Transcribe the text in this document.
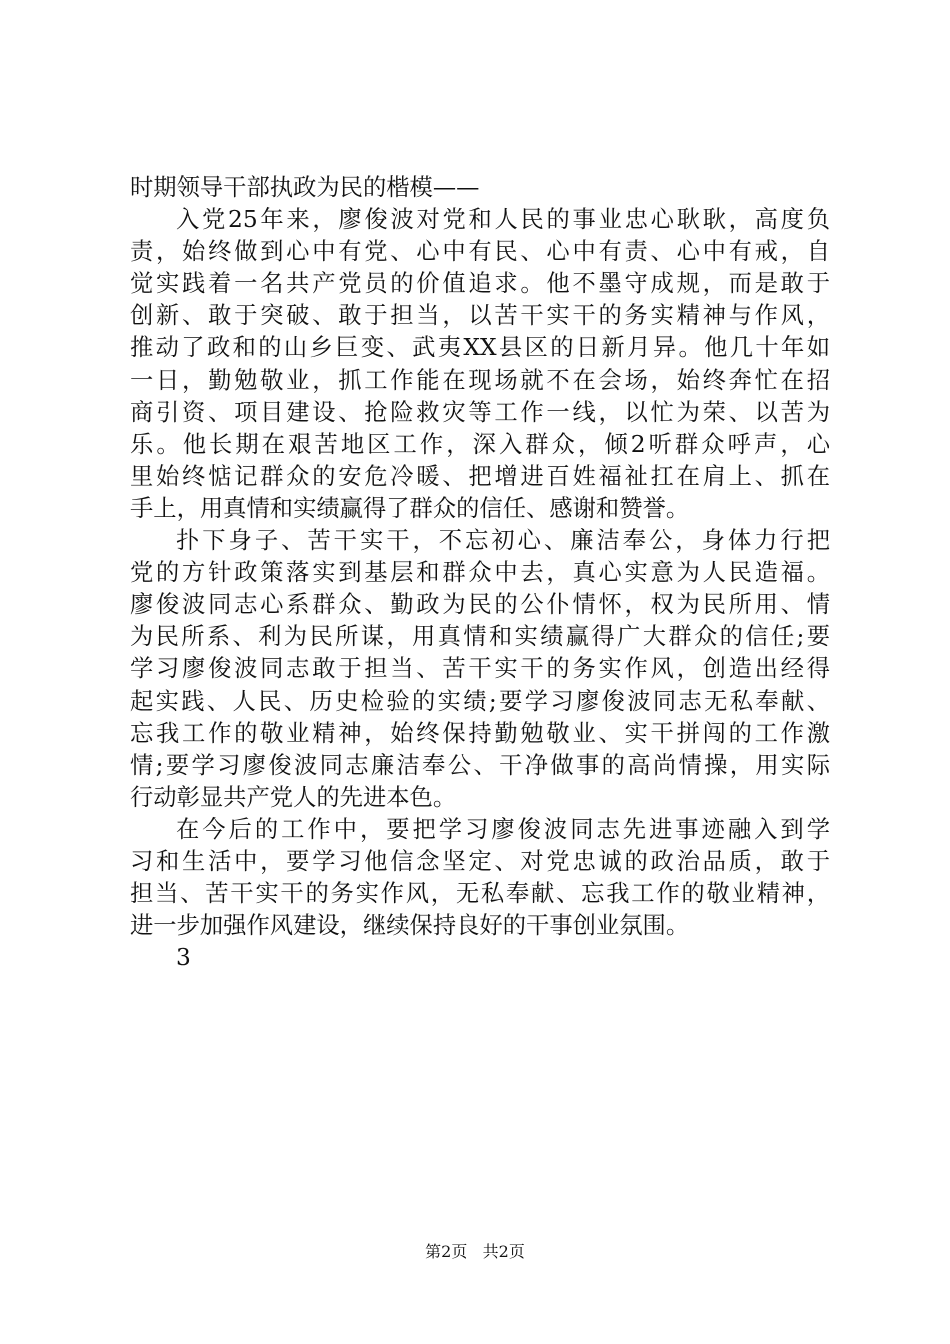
时期领导干部执政为民的楷模——
入党25年来，廖俊波对党和人民的事业忠心耿耿，高度负
责，始终做到心中有党、心中有民、心中有责、心中有戒，自
觉实践着一名共产党员的价值追求。他不墨守成规，而是敢于
创新、敢于突破、敢于担当，以苦干实干的务实精神与作风，
推动了政和的山乡巨变、武夷XX县区的日新月异。他几十年如
一日，勤勉敬业，抓工作能在现场就不在会场，始终奔忙在招
商引资、项目建设、抢险救灾等工作一线，以忙为荣、以苦为
乐。他长期在艰苦地区工作，深入群众，倾2听群众呼声，心
里始终惦记群众的安危冷暖、把增进百姓福祉扛在肩上、抓在
手上，用真情和实绩赢得了群众的信任、感谢和赞誉。
扑下身子、苦干实干，不忘初心、廉洁奉公，身体力行把
党的方针政策落实到基层和群众中去，真心实意为人民造福。
廖俊波同志心系群众、勤政为民的公仆情怀，权为民所用、情
为民所系、利为民所谋，用真情和实绩赢得广大群众的信任;要
学习廖俊波同志敢于担当、苦干实干的务实作风，创造出经得
起实践、人民、历史检验的实绩;要学习廖俊波同志无私奉献、
忘我工作的敬业精神，始终保持勤勉敬业、实干拼闯的工作激
情;要学习廖俊波同志廉洁奉公、干净做事的高尚情操，用实际
行动彰显共产党人的先进本色。
在今后的工作中，要把学习廖俊波同志先进事迹融入到学
习和生活中，要学习他信念坚定、对党忠诚的政治品质，敢于
担当、苦干实干的务实作风，无私奉献、忘我工作的敬业精神，
进一步加强作风建设，继续保持良好的干事创业氛围。
3
第2页 共2页
